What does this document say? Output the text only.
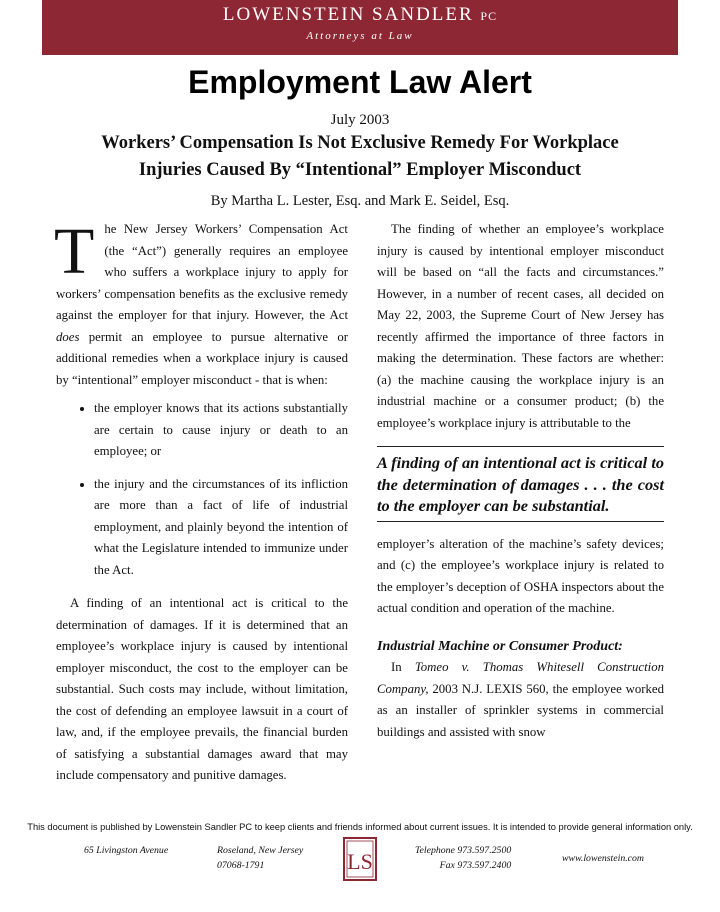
LOWENSTEIN SANDLER PC
Attorneys at Law
Employment Law Alert
July 2003
Workers’ Compensation Is Not Exclusive Remedy For Workplace
Injuries Caused By “Intentional” Employer Misconduct
By Martha L. Lester, Esq. and Mark E. Seidel, Esq.

The New Jersey Workers’ Compensation Act (the “Act”) generally requires an employee who suffers a workplace injury to apply for workers’ compensation benefits as the exclusive remedy against the employer for that injury. However, the Act does permit an employee to pursue alternative or additional remedies when a workplace injury is caused by “intentional” employer misconduct - that is when:

• the employer knows that its actions substantially are certain to cause injury or death to an employee; or
• the injury and the circumstances of its infliction are more than a fact of life of industrial employment, and plainly beyond the intention of what the Legislature intended to immunize under the Act.

A finding of an intentional act is critical to the determination of damages. If it is determined that an employee’s workplace injury is caused by intentional employer misconduct, the cost to the employer can be substantial. Such costs may include, without limitation, the cost of defending an employee lawsuit in a court of law, and, if the employee prevails, the financial burden of satisfying a substantial damages award that may include compensatory and punitive damages.

The finding of whether an employee’s workplace injury is caused by intentional employer misconduct will be based on “all the facts and circumstances.” However, in a number of recent cases, all decided on May 22, 2003, the Supreme Court of New Jersey has recently affirmed the importance of three factors in making the determination. These factors are whether: (a) the machine causing the workplace injury is an industrial machine or a consumer product; (b) the employee’s workplace injury is attributable to the

A finding of an intentional act is critical to the determination of damages . . . the cost to the employer can be substantial.

employer’s alteration of the machine’s safety devices; and (c) the employee’s workplace injury is related to the employer’s deception of OSHA inspectors about the actual condition and operation of the machine.

Industrial Machine or Consumer Product:

In Tomeo v. Thomas Whitesell Construction Company, 2003 N.J. LEXIS 560, the employee worked as an installer of sprinkler systems in commercial buildings and assisted with snow

This document is published by Lowenstein Sandler PC to keep clients and friends informed about current issues. It is intended to provide general information only.
65 Livingston Avenue	Roseland, New Jersey
07068-1791	LS	Telephone 973.597.2500
Fax 973.597.2400
www.lowenstein.com
